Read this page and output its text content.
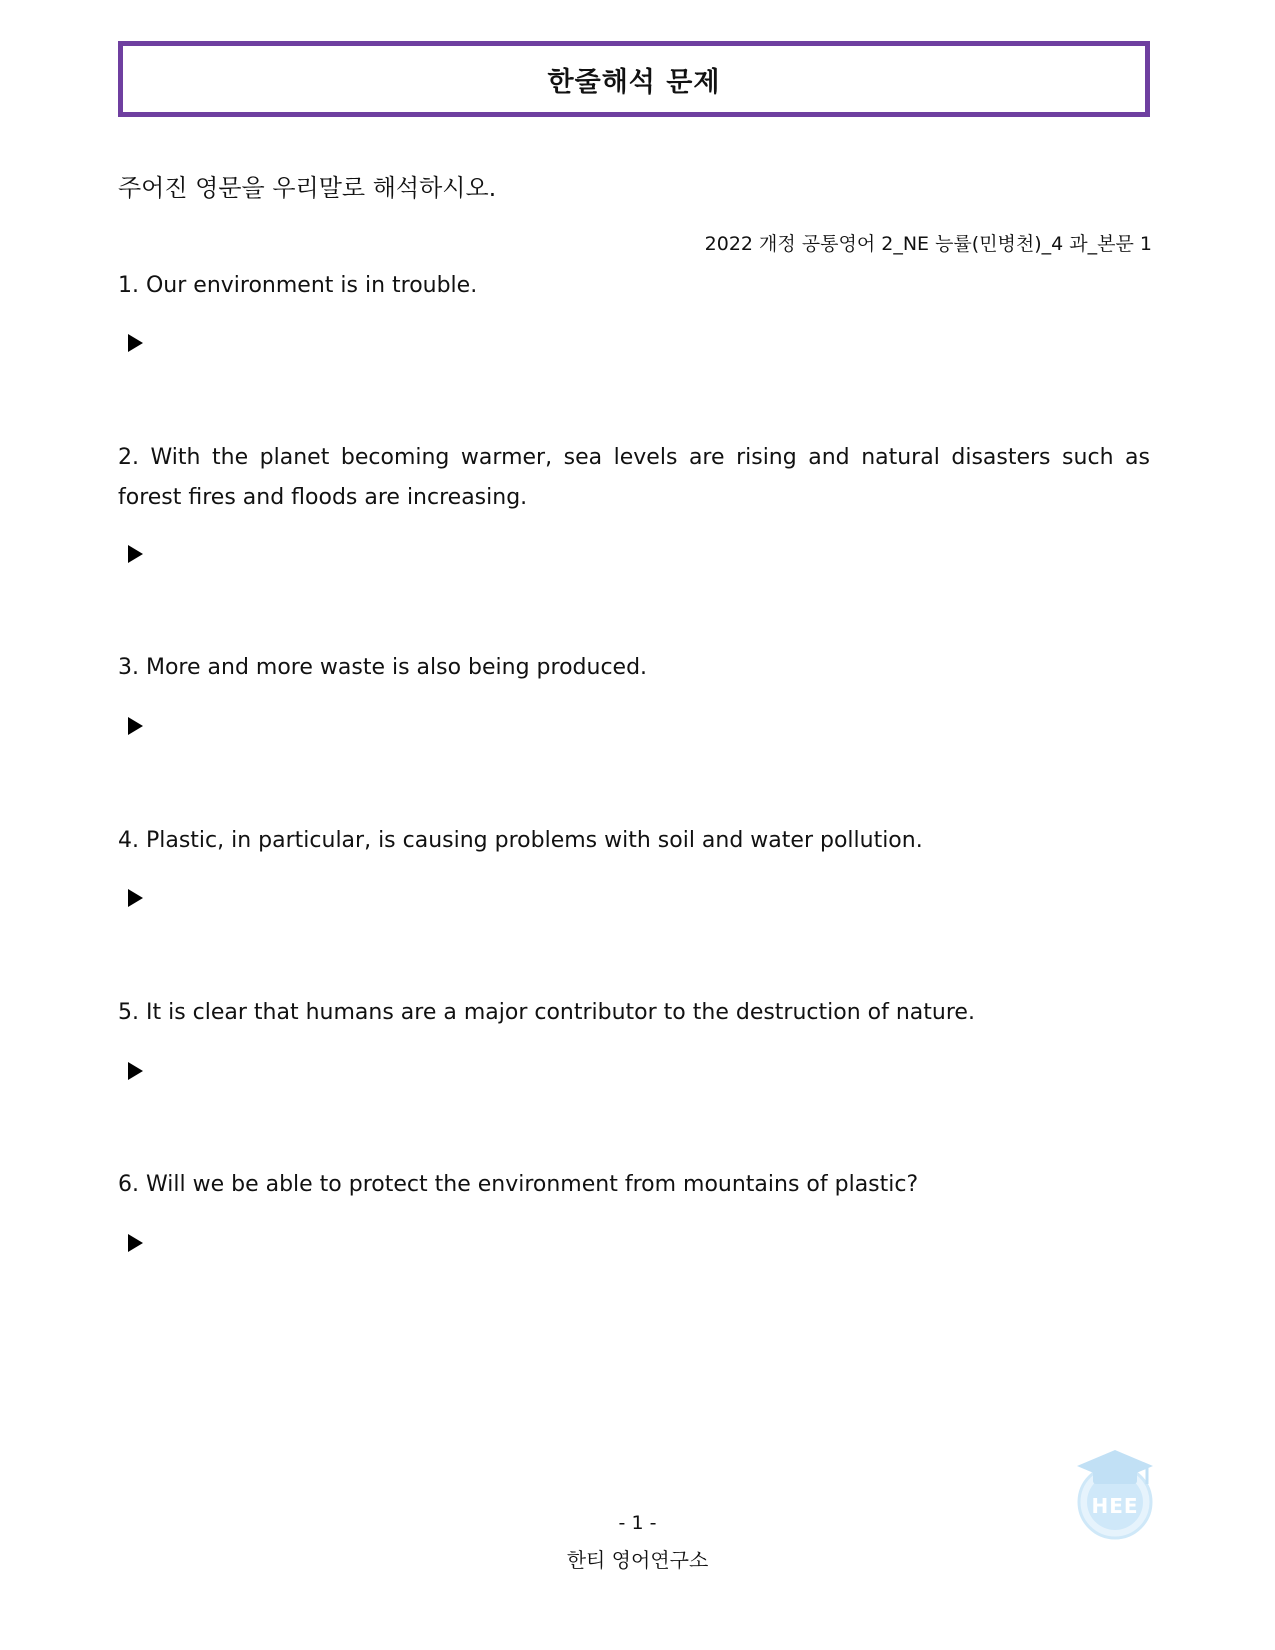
한줄해석 문제
주어진 영문을 우리말로 해석하시오.
2022 개정 공통영어 2_NE 능률(민병천)_4 과_본문 1
1. Our environment is in trouble.
2. With the planet becoming warmer, sea levels are rising and natural disasters such as forest fires and floods are increasing.
3. More and more waste is also being produced.
4. Plastic, in particular, is causing problems with soil and water pollution.
5. It is clear that humans are a major contributor to the destruction of nature.
6. Will we be able to protect the environment from mountains of plastic?
- 1 -
한티 영어연구소
HEE
